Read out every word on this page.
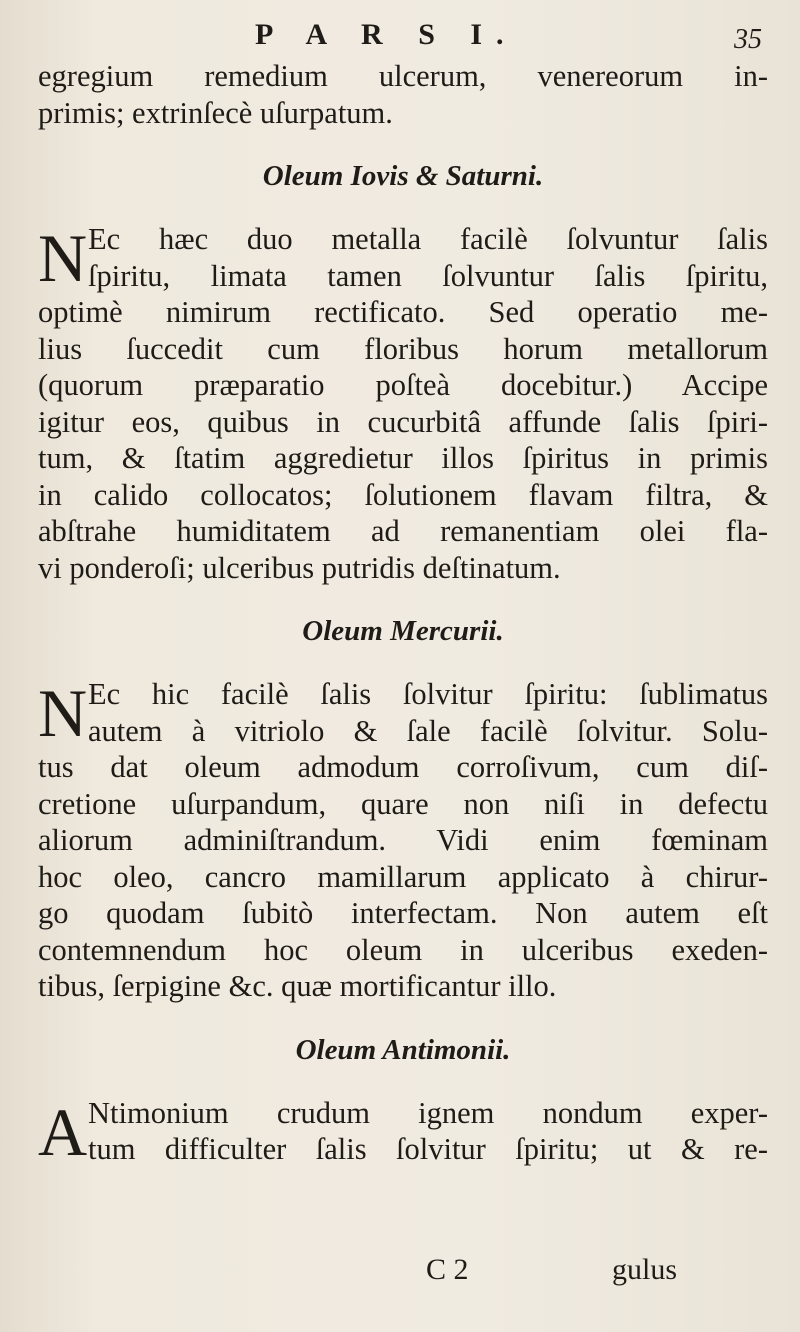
P A R S I.	35
egregium remedium ulcerum, venereorum in-
primis; extrinſecè uſurpatum.
Oleum Iovis & Saturni.
N Ec hæc duo metalla facilè ſolvuntur ſalis
ſpiritu, limata tamen ſolvuntur ſalis ſpiritu,
optimè nimirum rectificato. Sed operatio me-
lius ſuccedit cum floribus horum metallorum
(quorum præparatio poſteà docebitur.) Accipe
igitur eos, quibus in cucurbitâ affunde ſalis ſpiri-
tum, & ſtatim aggredietur illos ſpiritus in primis
in calido collocatos; ſolutionem flavam filtra, &
abſtrahe humiditatem ad remanentiam olei fla-
vi ponderoſi; ulceribus putridis deſtinatum.
Oleum Mercurii.
N Ec hic facilè ſalis ſolvitur ſpiritu: ſublimatus
autem à vitriolo & ſale facilè ſolvitur. Solu-
tus dat oleum admodum corroſivum, cum diſ-
cretione uſurpandum, quare non niſi in defectu
aliorum adminiſtrandum. Vidi enim fœminam
hoc oleo, cancro mamillarum applicato à chirur-
go quodam ſubitò interfectam. Non autem eſt
contemnendum hoc oleum in ulceribus exeden-
tibus, ſerpigine &c. quæ mortificantur illo.
Oleum Antimonii.
A Ntimonium crudum ignem nondum exper-
tum difficulter ſalis ſolvitur ſpiritu; ut & re-
C 2	gulus
